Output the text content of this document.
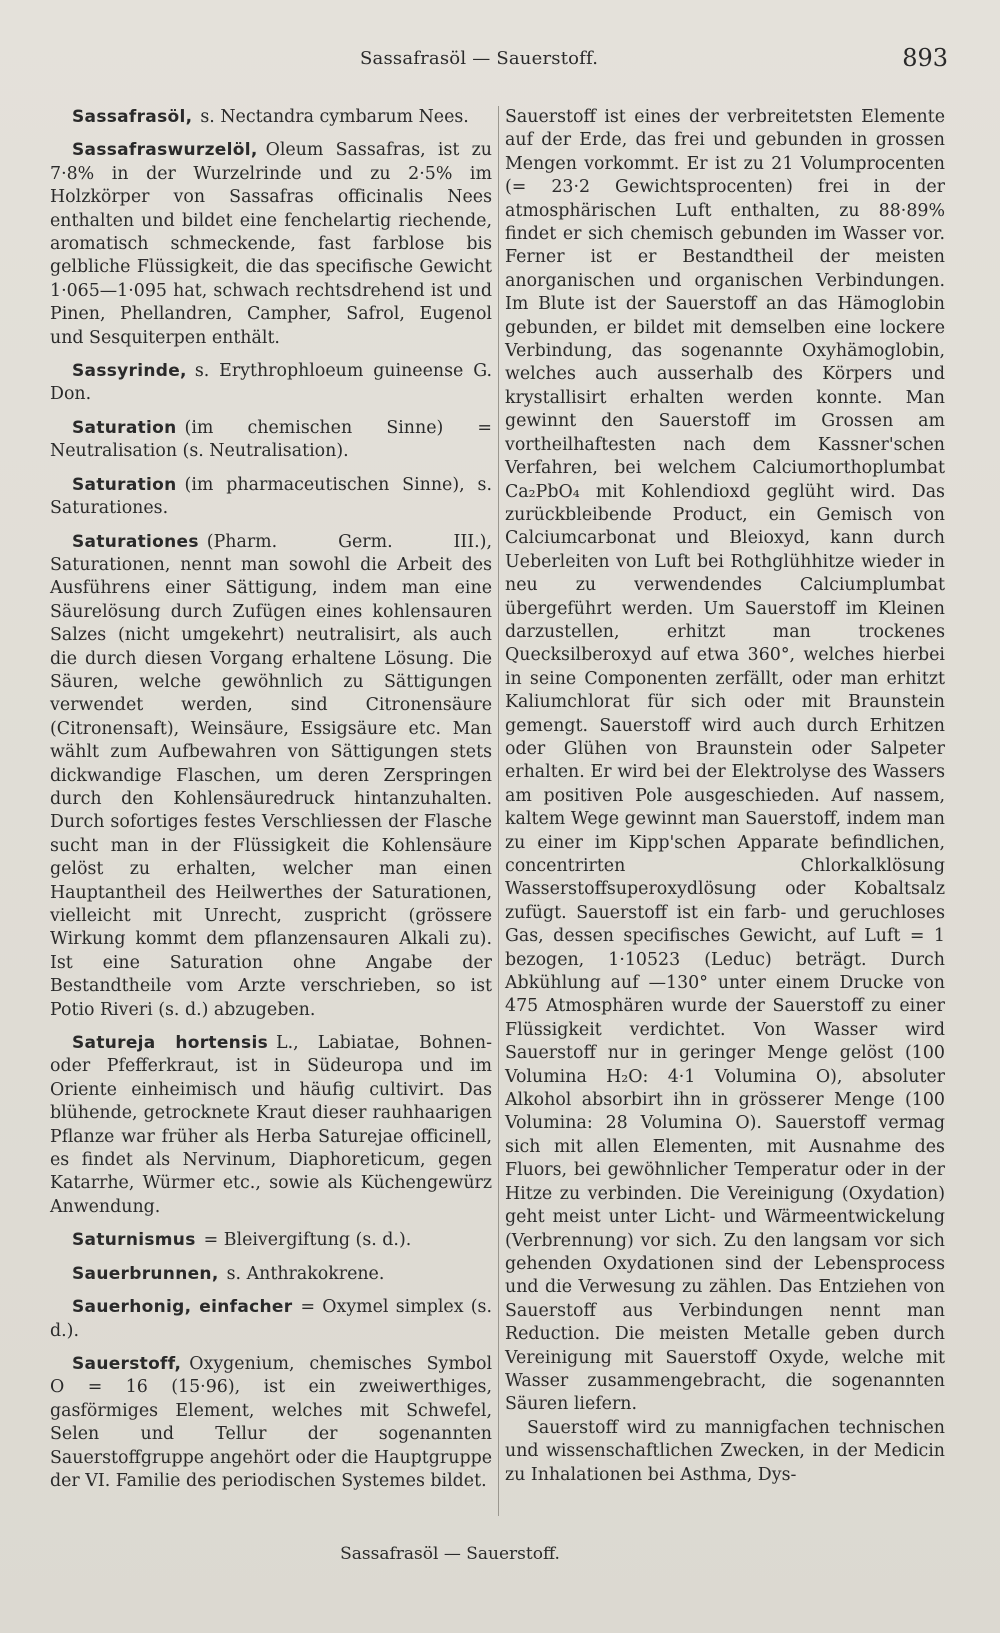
Sassafrasöl — Sauerstoff.	893

Sassafrasöl, s. Nectandra cymbarum Nees.

Sassafraswurzelöl, Oleum Sassafras, ist zu 7·8% in der Wurzelrinde und zu 2·5% im Holzkörper von Sassafras officinalis Nees enthalten und bildet eine fenchelartig riechende, aromatisch schmeckende, fast farblose bis gelbliche Flüssigkeit, die das specifische Gewicht 1·065—1·095 hat, schwach rechtsdrehend ist und Pinen, Phellandren, Campher, Safrol, Eugenol und Sesquiterpen enthält.

Sassyrinde, s. Erythrophloeum guineense G. Don.

Saturation (im chemischen Sinne) = Neutralisation (s. Neutralisation).

Saturation (im pharmaceutischen Sinne), s. Saturationes.

Saturationes (Pharm. Germ. III.), Saturationen, nennt man sowohl die Arbeit des Ausführens einer Sättigung, indem man eine Säurelösung durch Zufügen eines kohlensauren Salzes (nicht umgekehrt) neutralisirt, als auch die durch diesen Vorgang erhaltene Lösung. Die Säuren, welche gewöhnlich zu Sättigungen verwendet werden, sind Citronensäure (Citronensaft), Weinsäure, Essigsäure etc. Man wählt zum Aufbewahren von Sättigungen stets dickwandige Flaschen, um deren Zerspringen durch den Kohlensäuredruck hintanzuhalten. Durch sofortiges festes Verschliessen der Flasche sucht man in der Flüssigkeit die Kohlensäure gelöst zu erhalten, welcher man einen Hauptantheil des Heilwerthes der Saturationen, vielleicht mit Unrecht, zuspricht (grössere Wirkung kommt dem pflanzensauren Alkali zu). Ist eine Saturation ohne Angabe der Bestandtheile vom Arzte verschrieben, so ist Potio Riveri (s. d.) abzugeben.

Satureja hortensis L., Labiatae, Bohnen- oder Pfefferkraut, ist in Südeuropa und im Oriente einheimisch und häufig cultivirt. Das blühende, getrocknete Kraut dieser rauhhaarigen Pflanze war früher als Herba Saturejae officinell, es findet als Nervinum, Diaphoreticum, gegen Katarrhe, Würmer etc., sowie als Küchengewürz Anwendung.

Saturnismus = Bleivergiftung (s. d.).

Sauerbrunnen, s. Anthrakokrene.

Sauerhonig, einfacher = Oxymel simplex (s. d.).

Sauerstoff, Oxygenium, chemisches Symbol O = 16 (15·96), ist ein zweiwerthiges, gasförmiges Element, welches mit Schwefel, Selen und Tellur der sogenannten Sauerstoffgruppe angehört oder die Hauptgruppe der VI. Familie des periodischen Systemes bildet.

Sauerstoff ist eines der verbreitetsten Elemente auf der Erde, das frei und gebunden in grossen Mengen vorkommt. Er ist zu 21 Volumprocenten (= 23·2 Gewichtsprocenten) frei in der atmosphärischen Luft enthalten, zu 88·89% findet er sich chemisch gebunden im Wasser vor. Ferner ist er Bestandtheil der meisten anorganischen und organischen Verbindungen. Im Blute ist der Sauerstoff an das Hämoglobin gebunden, er bildet mit demselben eine lockere Verbindung, das sogenannte Oxyhämoglobin, welches auch ausserhalb des Körpers und krystallisirt erhalten werden konnte. Man gewinnt den Sauerstoff im Grossen am vortheilhaftesten nach dem Kassner'schen Verfahren, bei welchem Calciumorthoplumbat Ca₂PbO₄ mit Kohlendioxd geglüht wird. Das zurückbleibende Product, ein Gemisch von Calciumcarbonat und Bleioxyd, kann durch Ueberleiten von Luft bei Rothglühhitze wieder in neu zu verwendendes Calciumplumbat übergeführt werden. Um Sauerstoff im Kleinen darzustellen, erhitzt man trockenes Quecksilberoxyd auf etwa 360°, welches hierbei in seine Componenten zerfällt, oder man erhitzt Kaliumchlorat für sich oder mit Braunstein gemengt. Sauerstoff wird auch durch Erhitzen oder Glühen von Braunstein oder Salpeter erhalten. Er wird bei der Elektrolyse des Wassers am positiven Pole ausgeschieden. Auf nassem, kaltem Wege gewinnt man Sauerstoff, indem man zu einer im Kipp'schen Apparate befindlichen, concentrirten Chlorkalklösung Wasserstoffsuperoxydlösung oder Kobaltsalz zufügt. Sauerstoff ist ein farb- und geruchloses Gas, dessen specifisches Gewicht, auf Luft = 1 bezogen, 1·10523 (Leduc) beträgt. Durch Abkühlung auf —130° unter einem Drucke von 475 Atmosphären wurde der Sauerstoff zu einer Flüssigkeit verdichtet. Von Wasser wird Sauerstoff nur in geringer Menge gelöst (100 Volumina H₂O: 4·1 Volumina O), absoluter Alkohol absorbirt ihn in grösserer Menge (100 Volumina: 28 Volumina O). Sauerstoff vermag sich mit allen Elementen, mit Ausnahme des Fluors, bei gewöhnlicher Temperatur oder in der Hitze zu verbinden. Die Vereinigung (Oxydation) geht meist unter Licht- und Wärmeentwickelung (Verbrennung) vor sich. Zu den langsam vor sich gehenden Oxydationen sind der Lebensprocess und die Verwesung zu zählen. Das Entziehen von Sauerstoff aus Verbindungen nennt man Reduction. Die meisten Metalle geben durch Vereinigung mit Sauerstoff Oxyde, welche mit Wasser zusammengebracht, die sogenannten Säuren liefern.

Sauerstoff wird zu mannigfachen technischen und wissenschaftlichen Zwecken, in der Medicin zu Inhalationen bei Asthma, Dys-

Sassafrasöl — Sauerstoff.
